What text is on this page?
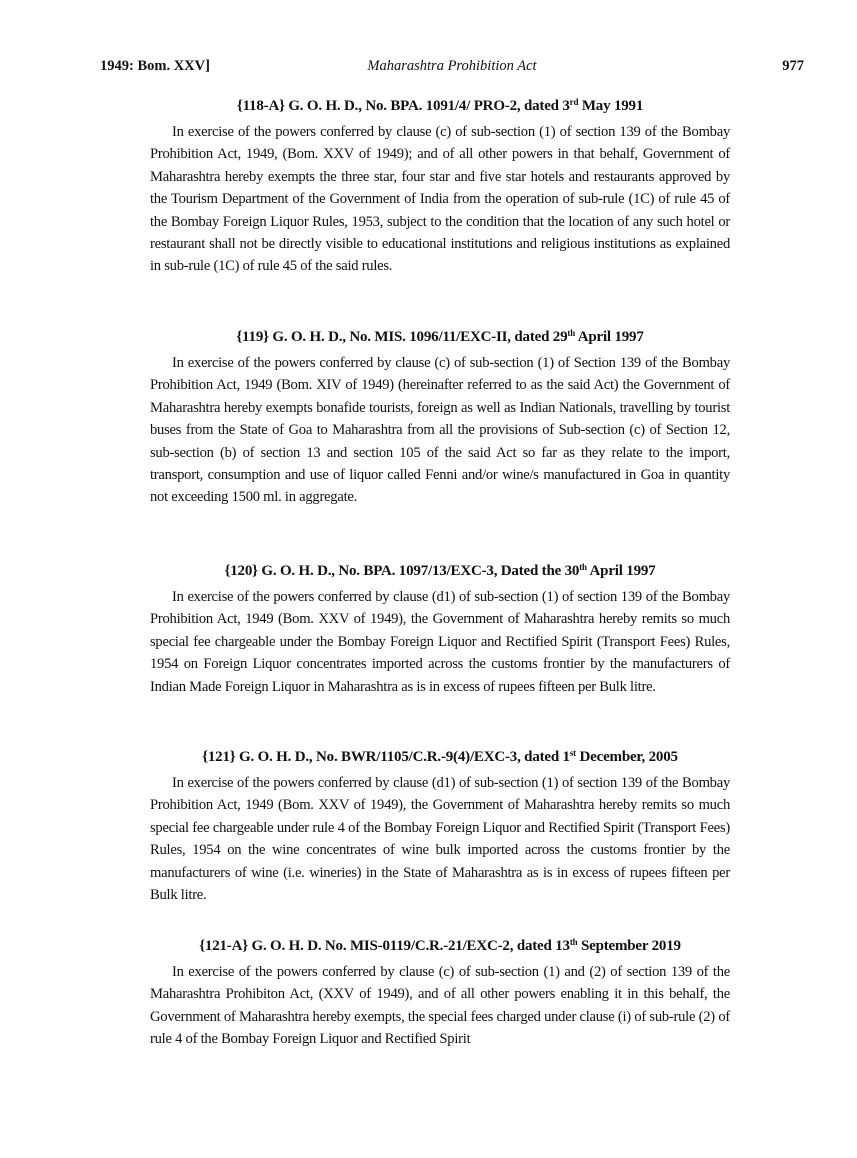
1949: Bom. XXV]	Maharashtra Prohibition Act	977
{118-A} G. O. H. D., No. BPA. 1091/4/ PRO-2, dated 3rd May 1991

In exercise of the powers conferred by clause (c) of sub-section (1) of section 139 of the Bombay Prohibition Act, 1949, (Bom. XXV of 1949); and of all other powers in that behalf, Government of Maharashtra hereby exempts the three star, four star and five star hotels and restaurants approved by the Tourism Department of the Government of India from the operation of sub-rule (1C) of rule 45 of the Bombay Foreign Liquor Rules, 1953, subject to the condition that the location of any such hotel or restaurant shall not be directly visible to educational institutions and religious institutions as explained in sub-rule (1C) of rule 45 of the said rules.

{119} G. O. H. D., No. MIS. 1096/11/EXC-II, dated 29th April 1997

In exercise of the powers conferred by clause (c) of sub-section (1) of Section 139 of the Bombay Prohibition Act, 1949 (Bom. XIV of 1949) (hereinafter referred to as the said Act) the Government of Maharashtra hereby exempts bonafide tourists, foreign as well as Indian Nationals, travelling by tourist buses from the State of Goa to Maharashtra from all the provisions of Sub-section (c) of Section 12, sub-section (b) of section 13 and section 105 of the said Act so far as they relate to the import, transport, consumption and use of liquor called Fenni and/or wine/s manufactured in Goa in quantity not exceeding 1500 ml. in aggregate.

{120} G. O. H. D., No. BPA. 1097/13/EXC-3, Dated the 30th April 1997

In exercise of the powers conferred by clause (d1) of sub-section (1) of section 139 of the Bombay Prohibition Act, 1949 (Bom. XXV of 1949), the Government of Maharashtra hereby remits so much special fee chargeable under the Bombay Foreign Liquor and Rectified Spirit (Transport Fees) Rules, 1954 on Foreign Liquor concentrates imported across the customs frontier by the manufacturers of Indian Made Foreign Liquor in Maharashtra as is in excess of rupees fifteen per Bulk litre.

{121} G. O. H. D., No. BWR/1105/C.R.-9(4)/EXC-3, dated 1st December, 2005

In exercise of the powers conferred by clause (d1) of sub-section (1) of section 139 of the Bombay Prohibition Act, 1949 (Bom. XXV of 1949), the Government of Maharashtra hereby remits so much special fee chargeable under rule 4 of the Bombay Foreign Liquor and Rectified Spirit (Transport Fees) Rules, 1954 on the wine concentrates of wine bulk imported across the customs frontier by the manufacturers of wine (i.e. wineries) in the State of Maharashtra as is in excess of rupees fifteen per Bulk litre.

{121-A} G. O. H. D. No. MIS-0119/C.R.-21/EXC-2, dated 13th September 2019

In exercise of the powers conferred by clause (c) of sub-section (1) and (2) of section 139 of the Maharashtra Prohibiton Act, (XXV of 1949), and of all other powers enabling it in this behalf, the Government of Maharashtra hereby exempts, the special fees charged under clause (i) of sub-rule (2) of rule 4 of the Bombay Foreign Liquor and Rectified Spirit
